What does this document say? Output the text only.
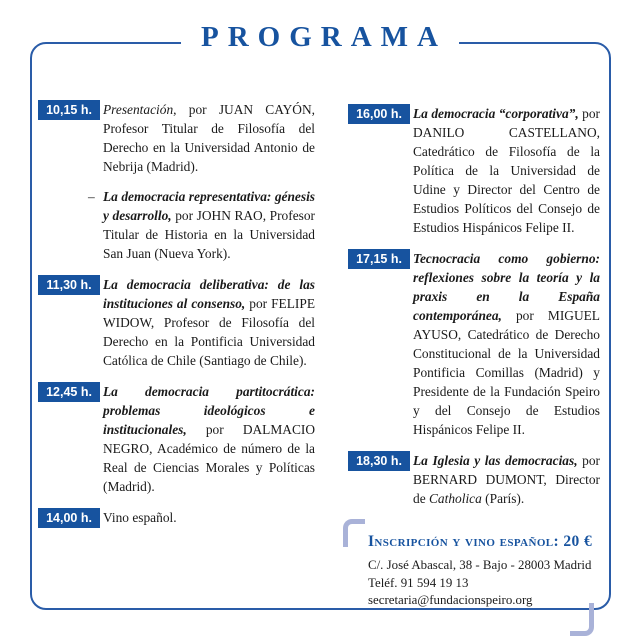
PROGRAMA
10,15 h. Presentación, por JUAN CAYÓN, Profesor Titular de Filosofía del Derecho en la Universidad Antonio de Nebrija (Madrid).
– La democracia representativa: génesis y desarrollo, por JOHN RAO, Profesor Titular de Historia en la Universidad San Juan (Nueva York).
11,30 h. La democracia deliberativa: de las instituciones al consenso, por FELIPE WIDOW, Profesor de Filosofía del Derecho en la Pontificia Universidad Católica de Chile (Santiago de Chile).
12,45 h. La democracia partitocrática: problemas ideológicos e institucionales, por DALMACIO NEGRO, Académico de número de la Real de Ciencias Morales y Políticas (Madrid).
14,00 h. Vino español.
16,00 h. La democracia “corporativa”, por DANILO CASTELLANO, Catedrático de Filosofía de la Política de la Universidad de Udine y Director del Centro de Estudios Políticos del Consejo de Estudios Hispánicos Felipe II.
17,15 h. Tecnocracia como gobierno: reflexiones sobre la teoría y la praxis en la España contemporánea, por MIGUEL AYUSO, Catedrático de Derecho Constitucional de la Universidad Pontificia Comillas (Madrid) y Presidente de la Fundación Speiro y del Consejo de Estudios Hispánicos Felipe II.
18,30 h. La Iglesia y las democracias, por BERNARD DUMONT, Director de Catholica (París).
Inscripción y vino español: 20 €
C/. José Abascal, 38 - Bajo - 28003 Madrid
Teléf. 91 594 19 13
secretaria@fundacionspeiro.org
